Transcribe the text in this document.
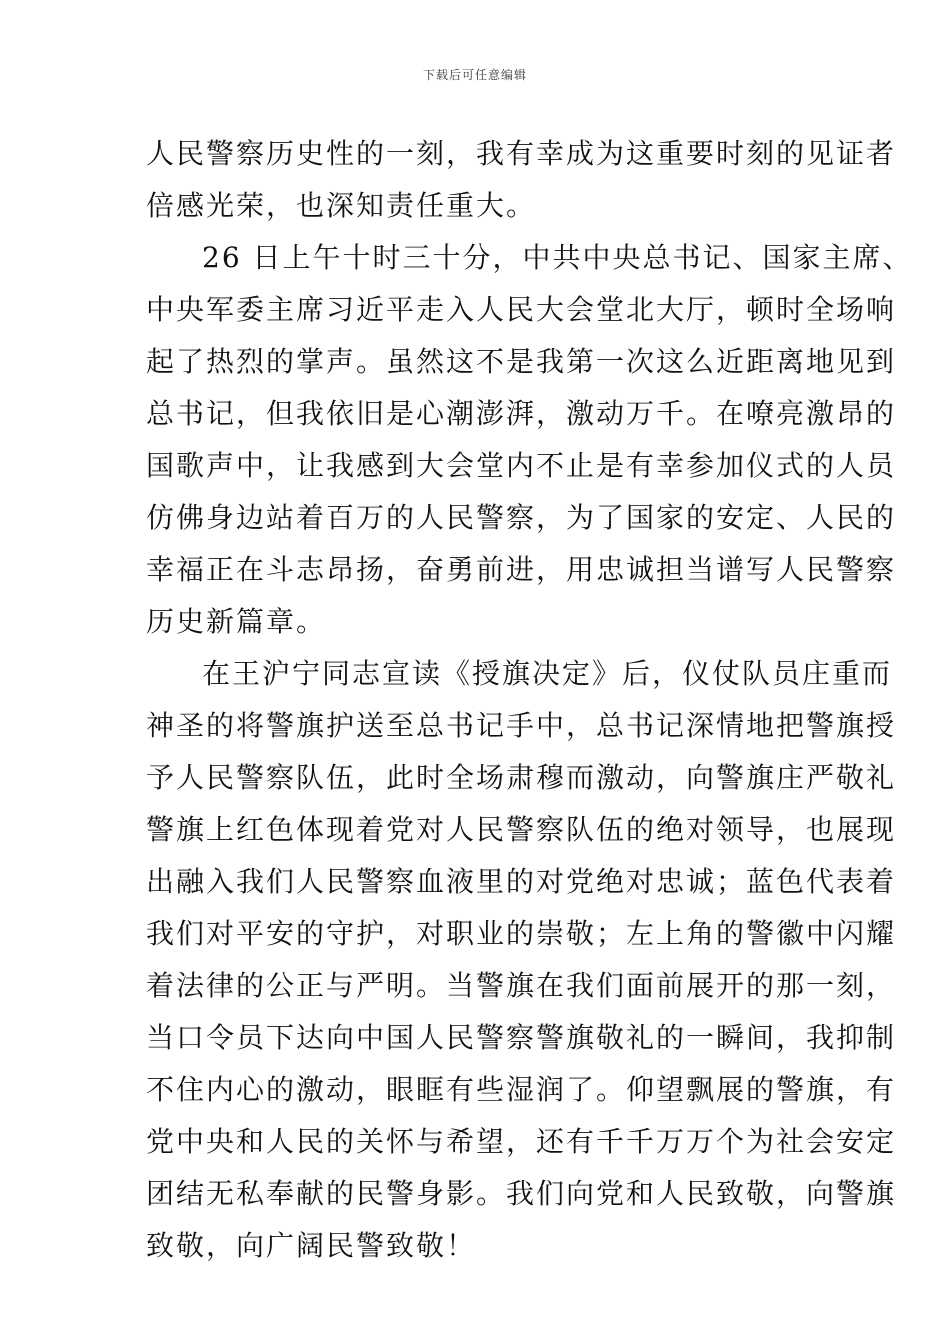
下载后可任意编辑
人民警察历史性的一刻，我有幸成为这重要时刻的见证者
倍感光荣，也深知责任重大。
26 日上午十时三十分，中共中央总书记、国家主席、
中央军委主席习近平走入人民大会堂北大厅，顿时全场响
起了热烈的掌声。虽然这不是我第一次这么近距离地见到
总书记，但我依旧是心潮澎湃，激动万千。在嘹亮激昂的
国歌声中，让我感到大会堂内不止是有幸参加仪式的人员
仿佛身边站着百万的人民警察，为了国家的安定、人民的
幸福正在斗志昂扬，奋勇前进，用忠诚担当谱写人民警察
历史新篇章。
在王沪宁同志宣读《授旗决定》后，仪仗队员庄重而
神圣的将警旗护送至总书记手中，总书记深情地把警旗授
予人民警察队伍，此时全场肃穆而激动，向警旗庄严敬礼
警旗上红色体现着党对人民警察队伍的绝对领导，也展现
出融入我们人民警察血液里的对党绝对忠诚；蓝色代表着
我们对平安的守护，对职业的崇敬；左上角的警徽中闪耀
着法律的公正与严明。当警旗在我们面前展开的那一刻，
当口令员下达向中国人民警察警旗敬礼的一瞬间，我抑制
不住内心的激动，眼眶有些湿润了。仰望飘展的警旗，有
党中央和人民的关怀与希望，还有千千万万个为社会安定
团结无私奉献的民警身影。我们向党和人民致敬，向警旗
致敬，向广阔民警致敬！
